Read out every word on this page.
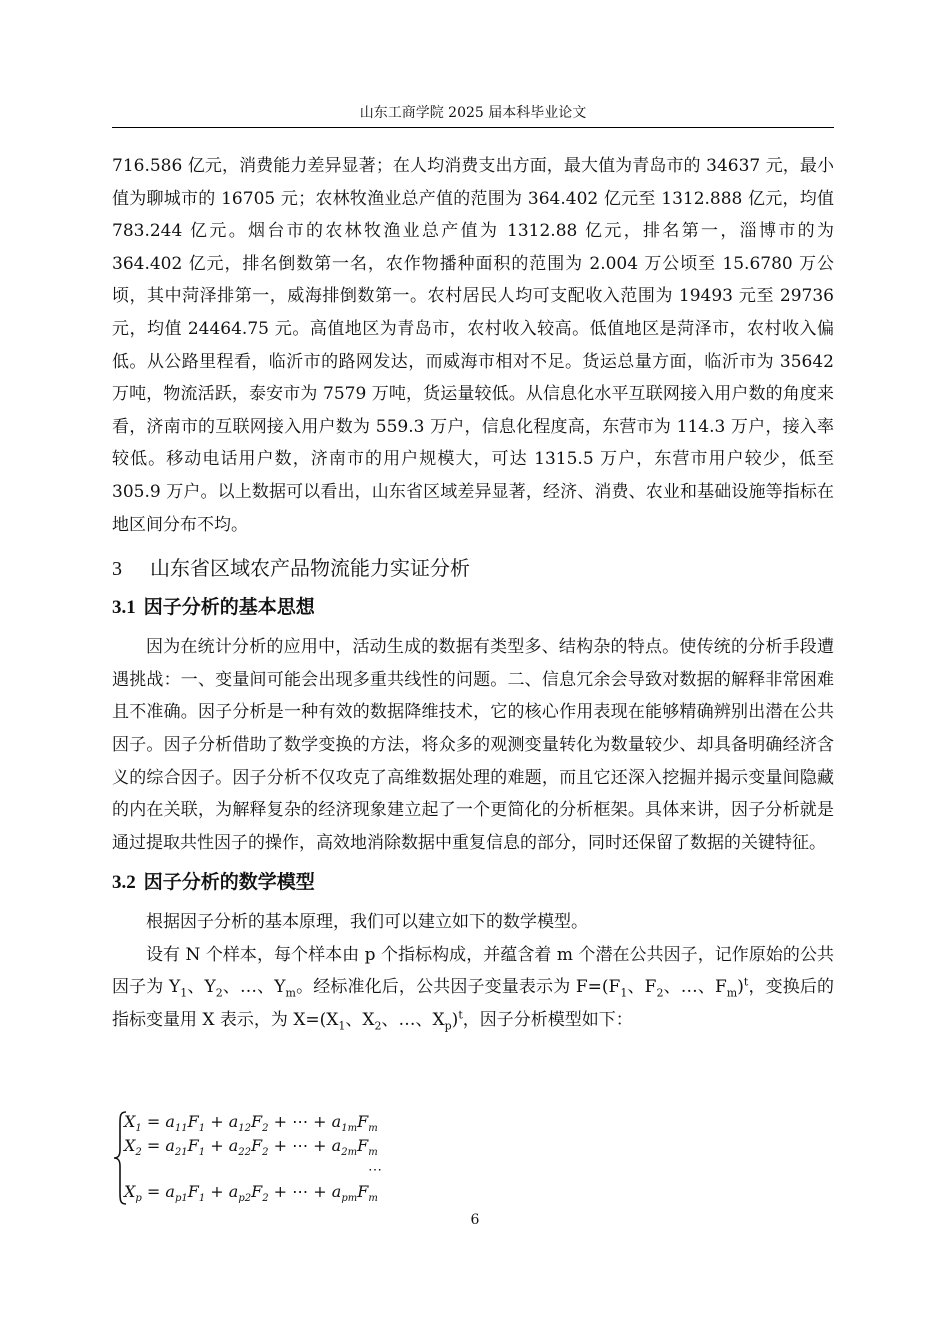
山东工商学院 2025 届本科毕业论文

716.586 亿元，消费能力差异显著；在人均消费支出方面，最大值为青岛市的 34637 元，最小值为聊城市的 16705 元；农林牧渔业总产值的范围为 364.402 亿元至 1312.888 亿元，均值 783.244 亿元。烟台市的农林牧渔业总产值为 1312.88 亿元，排名第一，淄博市的为 364.402 亿元，排名倒数第一名，农作物播种面积的范围为 2.004 万公顷至 15.6780 万公顷，其中菏泽排第一，威海排倒数第一。农村居民人均可支配收入范围为 19493 元至 29736 元，均值 24464.75 元。高值地区为青岛市，农村收入较高。低值地区是菏泽市，农村收入偏低。从公路里程看，临沂市的路网发达，而威海市相对不足。货运总量方面，临沂市为 35642 万吨，物流活跃，泰安市为 7579 万吨，货运量较低。从信息化水平互联网接入用户数的角度来看，济南市的互联网接入用户数为 559.3 万户，信息化程度高，东营市为 114.3 万户，接入率较低。移动电话用户数，济南市的用户规模大，可达 1315.5 万户，东营市用户较少，低至 305.9 万户。以上数据可以看出，山东省区域差异显著，经济、消费、农业和基础设施等指标在地区间分布不均。

3 山东省区域农产品物流能力实证分析
3.1 因子分析的基本思想

因为在统计分析的应用中，活动生成的数据有类型多、结构杂的特点。使传统的分析手段遭遇挑战：一、变量间可能会出现多重共线性的问题。二、信息冗余会导致对数据的解释非常困难且不准确。因子分析是一种有效的数据降维技术，它的核心作用表现在能够精确辨别出潜在公共因子。因子分析借助了数学变换的方法，将众多的观测变量转化为数量较少、却具备明确经济含义的综合因子。因子分析不仅攻克了高维数据处理的难题，而且它还深入挖掘并揭示变量间隐藏的内在关联，为解释复杂的经济现象建立起了一个更简化的分析框架。具体来讲，因子分析就是通过提取共性因子的操作，高效地消除数据中重复信息的部分，同时还保留了数据的关键特征。

3.2 因子分析的数学模型

根据因子分析的基本原理，我们可以建立如下的数学模型。

设有 N 个样本，每个样本由 p 个指标构成，并蕴含着 m 个潜在公共因子，记作原始的公共因子为 $Y_1$、$Y_2$、…、$Y_m$。经标准化后，公共因子变量表示为 $F=(F_1$、$F_2$、…、$F_m)^t$，变换后的指标变量用 X 表示，为 $X=(X_1$、$X_2$、…、$X_p)^t$，因子分析模型如下：

$X_1 = a_{11}F_1 + a_{12}F_2$ + ⋯ + $a_{1m}F_m$
$X_2 = a_{21}F_1 + a_{22}F_2$ + ⋯ + $a_{2m}F_m$
⋯
$X_p = a_{p1}F_1 + a_{p2}F_2$ + ⋯ + $a_{pm}F_m$
6
